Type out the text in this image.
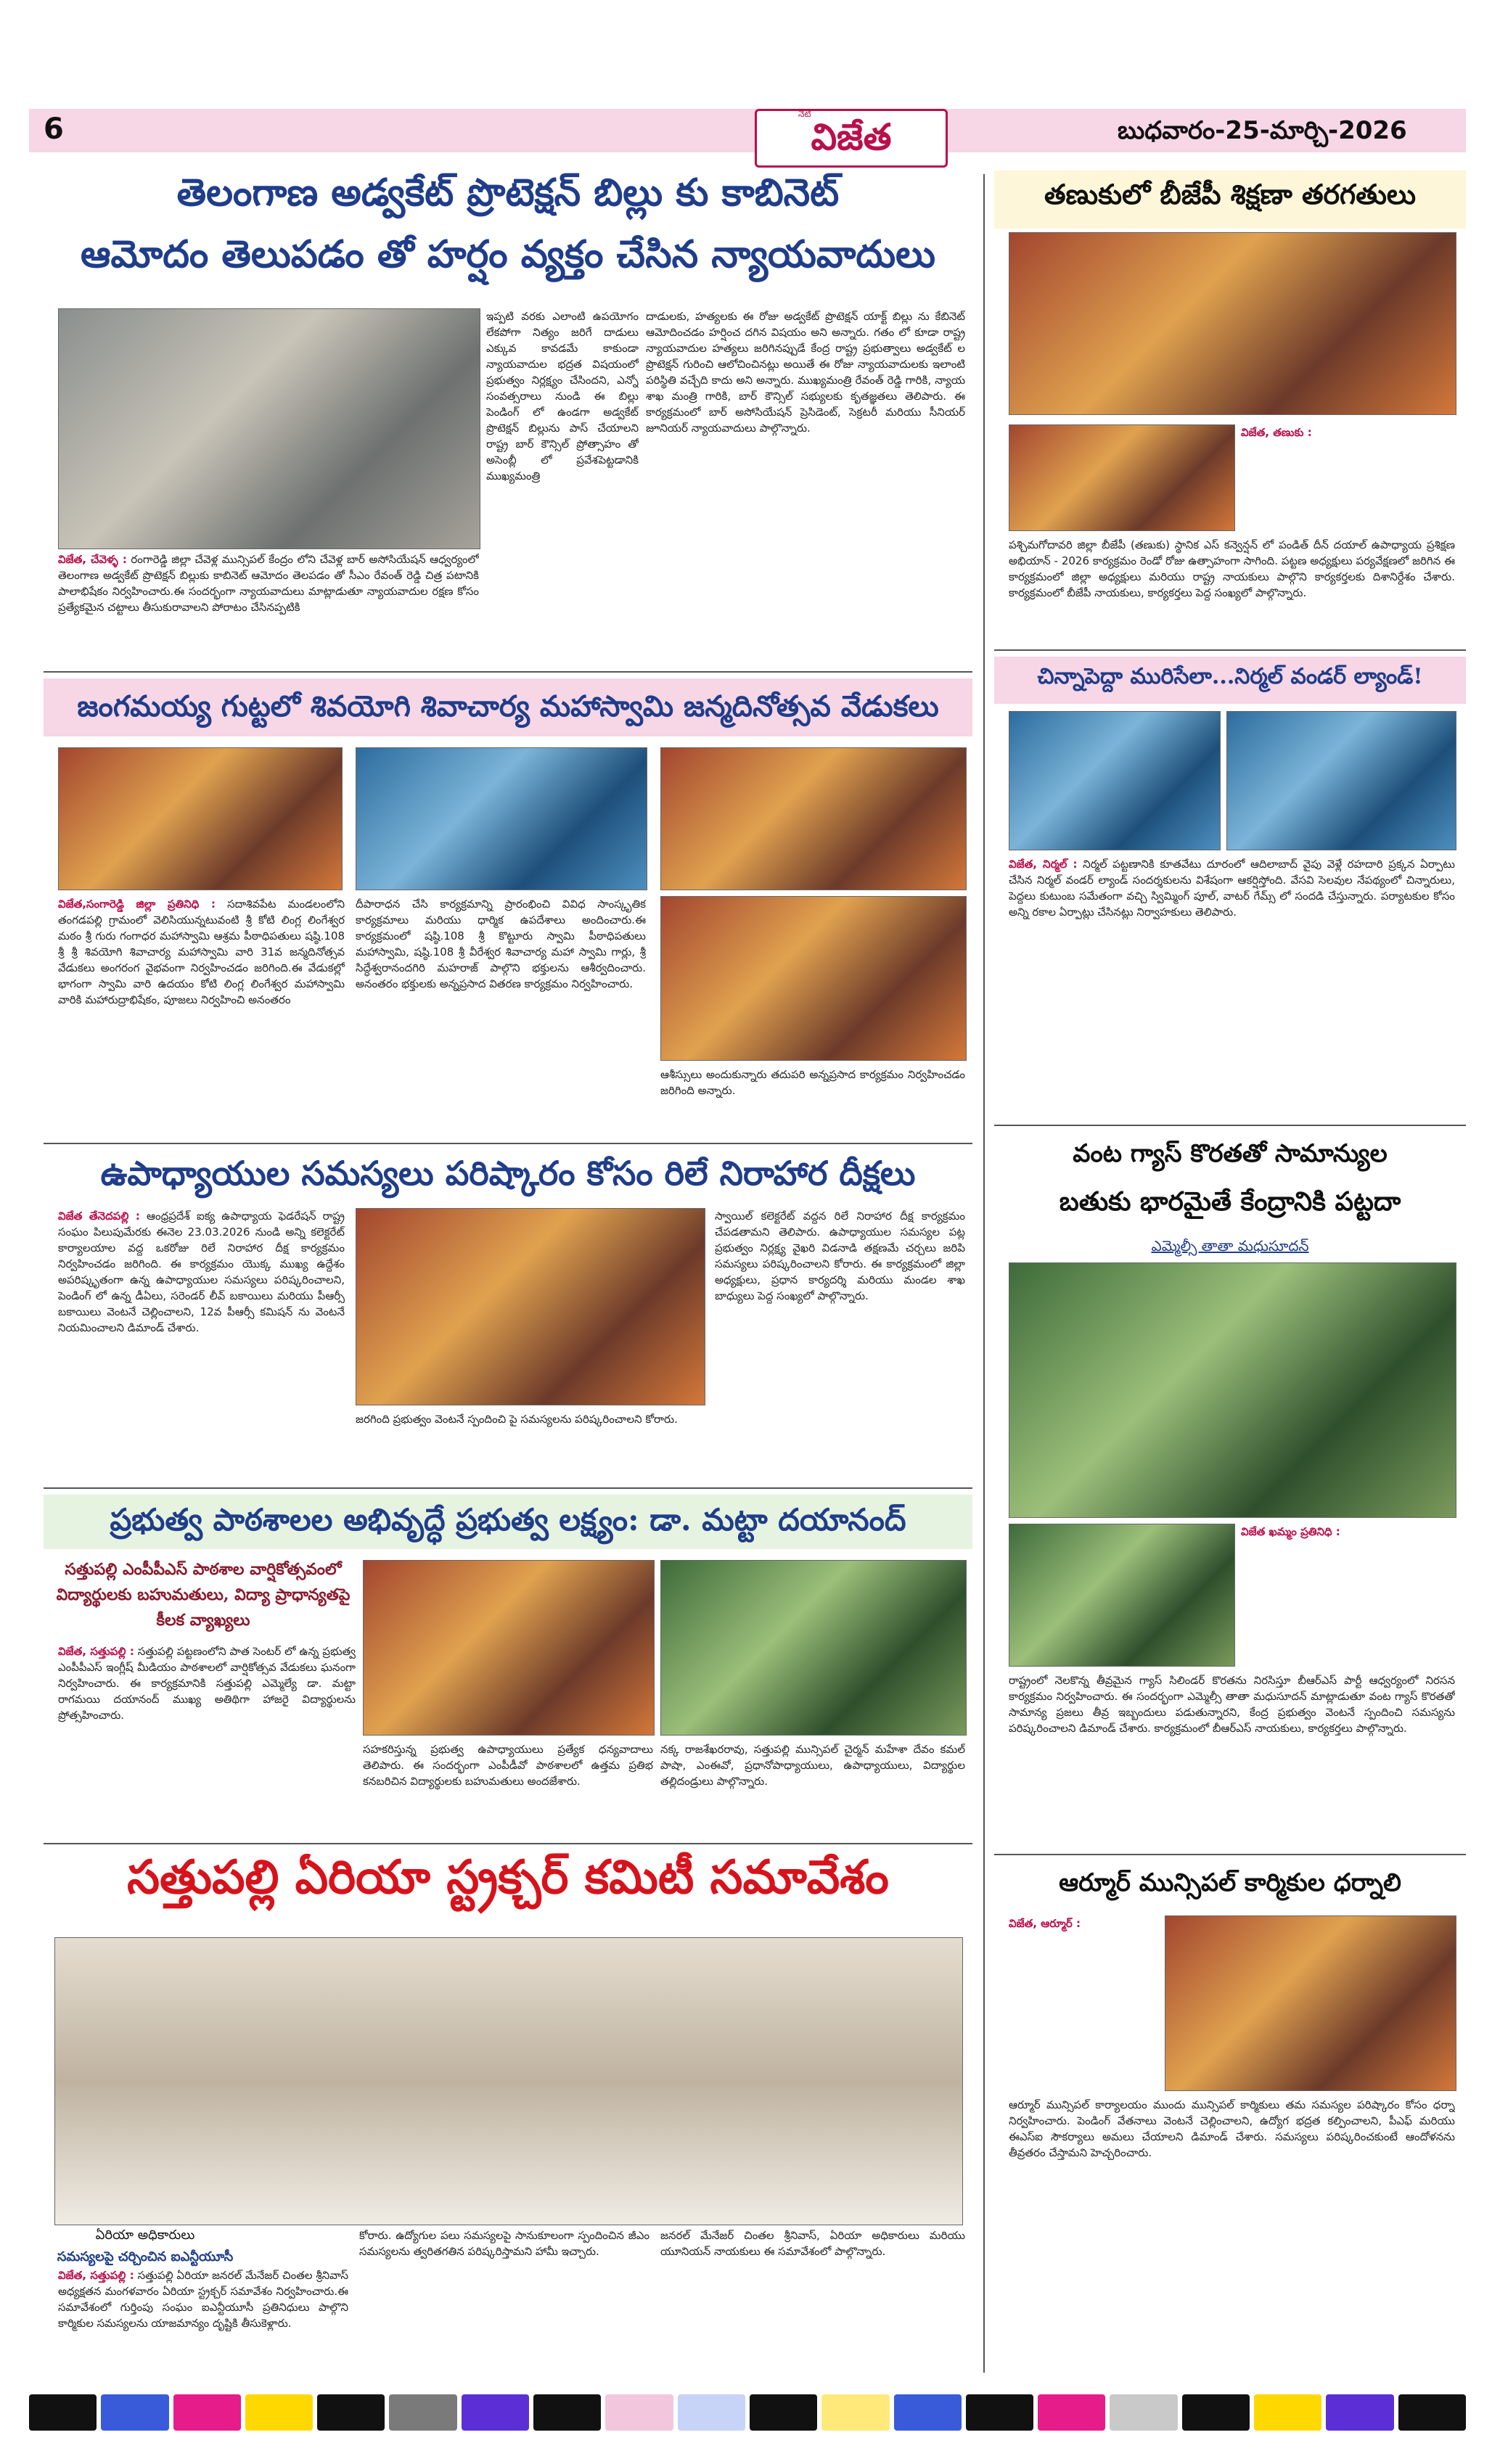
6	విజేత
నేటి
బుధవారం-25-మార్చి-2026
తెలంగాణ అడ్వకేట్ ప్రొటెక్షన్ బిల్లు కు కాబినెట్
ఆమోదం తెలుపడం తో హర్షం వ్యక్తం చేసిన న్యాయవాదులు
ఇప్పటి వరకు ఎలాంటి ఉపయోగం లేకపోగా నిత్యం జరిగే దాడులు ఎక్కువ కావడమే కాకుండా న్యాయవాదుల భద్రత విషయంలో ప్రభుత్వం నిర్లక్ష్యం చేసిందని, ఎన్నో సంవత్సరాలు నుండి ఈ బిల్లు పెండింగ్ లో ఉండగా అడ్వకేట్ ప్రొటెక్షన్ బిల్లును పాస్ చేయాలని రాష్ట్ర బార్ కౌన్సిల్ ప్రోత్సాహం తో అసెంబ్లీ లో ప్రవేశపెట్టడానికి ముఖ్యమంత్రి
విజేత, చేవెళ్ళ : రంగారెడ్డి జిల్లా చేవెళ్ల మున్సిపల్ కేంద్రం లోని చేవెళ్ల బార్ అసోసియేషన్ ఆధ్వర్యంలో తెలంగాణ అడ్వకేట్ ప్రొటెక్షన్ బిల్లుకు కాబినెట్ ఆమోదం తెలపడం తో సీఎం రేవంత్ రెడ్డి చిత్ర పటానికి పాలాభిషేకం నిర్వహించారు.ఈ సందర్భంగా న్యాయవాదులు మాట్లాడుతూ న్యాయవాదుల రక్షణ కోసం ప్రత్యేకమైన చట్టాలు తీసుకురావాలని పోరాటం చేసినప్పటికి
దాడులకు, హత్యలకు ఈ రోజు అడ్వకేట్ ప్రొటెక్షన్ యాక్ట్ బిల్లు ను కేబినెట్ ఆమోదించడం హర్షించ దగిన విషయం అని అన్నారు. గతం లో కూడా రాష్ట్ర న్యాయవాదుల హత్యలు జరిగినప్పుడే కేంద్ర రాష్ట్ర ప్రభుత్వాలు అడ్వకేట్ ల ప్రొటెక్షన్ గురించి ఆలోచించినట్లు అయితే ఈ రోజు న్యాయవాదులకు ఇలాంటి పరిస్థితి వచ్చేది కాదు అని అన్నారు. ముఖ్యమంత్రి రేవంత్ రెడ్డి గారికి, న్యాయ శాఖ మంత్రి గారికి, బార్ కౌన్సిల్ సభ్యులకు కృతజ్ఞతలు తెలిపారు. ఈ కార్యక్రమంలో బార్ అసోసియేషన్ ప్రెసిడెంట్, సెక్రటరీ మరియు సీనియర్ జూనియర్ న్యాయవాదులు పాల్గొన్నారు.
జంగమయ్య గుట్టలో శివయోగి శివాచార్య మహాస్వామి జన్మదినోత్సవ వేడుకలు
విజేత,సంగారెడ్డి జిల్లా ప్రతినిధి : సదాశివపేట మండలంలోని తంగడపల్లి గ్రామంలో వెలిసియున్నటువంటి శ్రీ కోటి లింగ్ల లింగేశ్వర మఠం శ్రీ గురు గంగాధర మహాస్వామి ఆశ్రమ పీఠాధిపతులు షష్ఠి.108 శ్రీ శ్రీ శివయోగి శివాచార్య మహాస్వామి వారి 31వ జన్మదినోత్సవ వేడుకలు అంగరంగ వైభవంగా నిర్వహించడం జరిగింది.ఈ వేడుకల్లో భాగంగా స్వామి వారి ఉదయం కోటి లింగ్ల లింగేశ్వర మహాస్వామి వారికి మహారుద్రాభిషేకం, పూజలు నిర్వహించి అనంతరం
దీపారాధన చేసి కార్యక్రమాన్ని ప్రారంభించి వివిధ సాంస్కృతిక కార్యక్రమాలు మరియు ధార్మిక ఉపదేశాలు అందించారు.ఈ కార్యక్రమంలో షష్ఠి.108 శ్రీ కొట్టూరు స్వామి పీఠాధిపతులు మహాస్వామి, షష్ఠి.108 శ్రీ వీరేశ్వర శివాచార్య మహా స్వామి గార్లు, శ్రీ సిద్ధేశ్వరానందగిరి మహరాజ్ పాల్గొని భక్తులను ఆశీర్వదించారు. అనంతరం భక్తులకు అన్నప్రసాద వితరణ కార్యక్రమం నిర్వహించారు.
ఆశీస్సులు అందుకున్నారు తదుపరి అన్నప్రసాద కార్యక్రమం నిర్వహించడం జరిగింది అన్నారు.
ఉపాధ్యాయుల సమస్యలు పరిష్కారం కోసం రిలే నిరాహార దీక్షలు
విజేత తేనెదపల్లి : ఆంధ్రప్రదేశ్ ఐక్య ఉపాధ్యాయ ఫెడరేషన్ రాష్ట్ర సంఘం పిలుపుమేరకు ఈనెల 23.03.2026 నుండి అన్ని కలెక్టరేట్ కార్యాలయాల వద్ద ఒకరోజు రిలే నిరాహార దీక్ష కార్యక్రమం నిర్వహించడం జరిగింది. ఈ కార్యక్రమం యొక్క ముఖ్య ఉద్దేశం అపరిష్కృతంగా ఉన్న ఉపాధ్యాయుల సమస్యలు పరిష్కరించాలని, పెండింగ్ లో ఉన్న డీఏలు, సరెండర్ లీవ్ బకాయిలు మరియు పీఆర్సీ బకాయిలు వెంటనే చెల్లించాలని, 12వ పీఆర్సీ కమిషన్ ను వెంటనే నియమించాలని డిమాండ్ చేశారు.
జరగింది ప్రభుత్వం వెంటనే స్పందించి పై సమస్యలను పరిష్కరించాలని కోరారు.
స్వాయిల్ కలెక్టరేట్ వద్దన రిలే నిరాహార దీక్ష కార్యక్రమం చేపడతామని తెలిపారు. ఉపాధ్యాయుల సమస్యల పట్ల ప్రభుత్వం నిర్లక్ష్య వైఖరి విడనాడి తక్షణమే చర్చలు జరిపి సమస్యలు పరిష్కరించాలని కోరారు. ఈ కార్యక్రమంలో జిల్లా అధ్యక్షులు, ప్రధాన కార్యదర్శి మరియు మండల శాఖ బాధ్యులు పెద్ద సంఖ్యలో పాల్గొన్నారు.
ప్రభుత్వ పాఠశాలల అభివృద్ధే ప్రభుత్వ లక్ష్యం: డా. మట్టా దయానంద్
సత్తుపల్లి ఎంపీపీఎస్ పాఠశాల వార్షికోత్సవంలో
విద్యార్థులకు బహుమతులు, విద్యా ప్రాధాన్యతపై
కీలక వ్యాఖ్యలు
విజేత, సత్తుపల్లి : సత్తుపల్లి పట్టణంలోని పాత సెంటర్ లో ఉన్న ప్రభుత్వ ఎంపీపీఎస్ ఇంగ్లీష్ మీడియం పాఠశాలలో వార్షికోత్సవ వేడుకలు ఘనంగా నిర్వహించారు. ఈ కార్యక్రమానికి సత్తుపల్లి ఎమ్మెల్యే డా. మట్టా రాగమయి దయానంద్ ముఖ్య అతిథిగా హాజరై విద్యార్థులను ప్రోత్సహించారు.
సహకరిస్తున్న ప్రభుత్వ ఉపాధ్యాయులు ప్రత్యేక ధన్యవాదాలు తెలిపారు. ఈ సందర్భంగా ఎంపీడీవో పాఠశాలలో ఉత్తమ ప్రతిభ కనబరిచిన విద్యార్థులకు బహుమతులు అందజేశారు.
నక్క రాజశేఖరరావు, సత్తుపల్లి మున్సిపల్ చైర్మన్ మహేశా దేవం కమల్ పాషా, ఎంఈవో, ప్రధానోపాధ్యాయులు, ఉపాధ్యాయులు, విద్యార్థుల తల్లిదండ్రులు పాల్గొన్నారు.
సత్తుపల్లి ఏరియా స్ట్రక్చర్ కమిటీ సమావేశం
ఏరియా అధికారులు
సమస్యలపై చర్చించిన ఐఎన్టీయూసీ
విజేత, సత్తుపల్లి : సత్తుపల్లి ఏరియా జనరల్ మేనేజర్ చింతల శ్రీనివాస్ అధ్యక్షతన మంగళవారం ఏరియా స్ట్రక్చర్ సమావేశం నిర్వహించారు.ఈ సమావేశంలో గుర్తింపు సంఘం ఐఎన్టీయూసీ ప్రతినిధులు పాల్గొని కార్మికుల సమస్యలను యాజమాన్యం దృష్టికి తీసుకెళ్లారు.
కోరారు. ఉద్యోగుల పలు సమస్యలపై సానుకూలంగా స్పందించిన జీఎం సమస్యలను త్వరితగతిన పరిష్కరిస్తామని హామీ ఇచ్చారు.
జనరల్ మేనేజర్ చింతల శ్రీనివాస్, ఏరియా అధికారులు మరియు యూనియన్ నాయకులు ఈ సమావేశంలో పాల్గొన్నారు.
తణుకులో బీజేపీ శిక్షణా తరగతులు
విజేత, తణుకు :
పశ్చిమగోదావరి జిల్లా బీజేపీ (తణుకు) స్థానిక ఎస్ కన్వెన్షన్ లో పండిత్ దీన్ దయాల్ ఉపాధ్యాయ ప్రశిక్షణ అభియాన్ - 2026 కార్యక్రమం రెండో రోజు ఉత్సాహంగా సాగింది. పట్టణ అధ్యక్షులు పర్యవేక్షణలో జరిగిన ఈ కార్యక్రమంలో జిల్లా అధ్యక్షులు మరియు రాష్ట్ర నాయకులు పాల్గొని కార్యకర్తలకు దిశానిర్దేశం చేశారు. కార్యక్రమంలో బీజేపీ నాయకులు, కార్యకర్తలు పెద్ద సంఖ్యలో పాల్గొన్నారు.
చిన్నాపెద్దా మురిసేలా...నిర్మల్ వండర్ ల్యాండ్!
విజేత, నిర్మల్ : నిర్మల్ పట్టణానికి కూతవేటు దూరంలో ఆదిలాబాద్ వైపు వెళ్లే రహదారి ప్రక్కన ఏర్పాటు చేసిన నిర్మల్ వండర్ ల్యాండ్ సందర్శకులను విశేషంగా ఆకర్షిస్తోంది. వేసవి సెలవుల నేపథ్యంలో చిన్నారులు, పెద్దలు కుటుంబ సమేతంగా వచ్చి స్విమ్మింగ్ పూల్, వాటర్ గేమ్స్ లో సందడి చేస్తున్నారు. పర్యాటకుల కోసం అన్ని రకాల ఏర్పాట్లు చేసినట్లు నిర్వాహకులు తెలిపారు.
వంట గ్యాస్ కొరతతో సామాన్యుల
బతుకు భారమైతే కేంద్రానికి పట్టదా
ఎమ్మెల్సీ తాతా మధుసూదన్
విజేత ఖమ్మం ప్రతినిధి :
రాష్ట్రంలో నెలకొన్న తీవ్రమైన గ్యాస్ సిలిండర్ కొరతను నిరసిస్తూ బీఆర్ఎస్ పార్టీ ఆధ్వర్యంలో నిరసన కార్యక్రమం నిర్వహించారు. ఈ సందర్భంగా ఎమ్మెల్సీ తాతా మధుసూదన్ మాట్లాడుతూ వంట గ్యాస్ కొరతతో సామాన్య ప్రజలు తీవ్ర ఇబ్బందులు పడుతున్నారని, కేంద్ర ప్రభుత్వం వెంటనే స్పందించి సమస్యను పరిష్కరించాలని డిమాండ్ చేశారు. కార్యక్రమంలో బీఆర్ఎస్ నాయకులు, కార్యకర్తలు పాల్గొన్నారు.
ఆర్మూర్ మున్సిపల్ కార్మికుల ధర్నాలి
విజేత, ఆర్మూర్ :
ఆర్మూర్ మున్సిపల్ కార్యాలయం ముందు మున్సిపల్ కార్మికులు తమ సమస్యల పరిష్కారం కోసం ధర్నా నిర్వహించారు. పెండింగ్ వేతనాలు వెంటనే చెల్లించాలని, ఉద్యోగ భద్రత కల్పించాలని, పీఎఫ్ మరియు ఈఎస్ఐ సౌకర్యాలు అమలు చేయాలని డిమాండ్ చేశారు. సమస్యలు పరిష్కరించకుంటే ఆందోళనను తీవ్రతరం చేస్తామని హెచ్చరించారు.
